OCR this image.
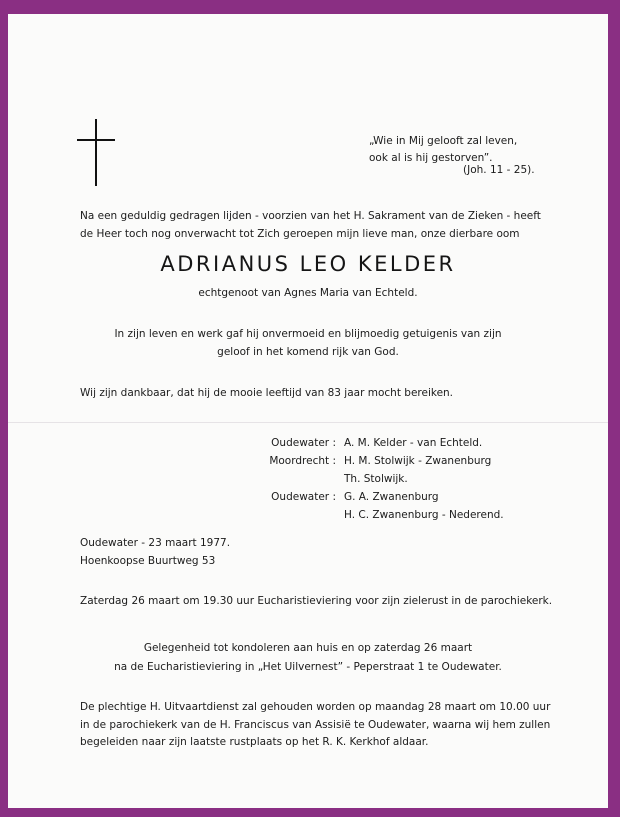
„Wie in Mij gelooft zal leven,
ook al is hij gestorven”.
(Joh. 11 - 25).
Na een geduldig gedragen lijden - voorzien van het H. Sakrament van de Zieken - heeft
de Heer toch nog onverwacht tot Zich geroepen mijn lieve man, onze dierbare oom
ADRIANUS LEO KELDER
echtgenoot van Agnes Maria van Echteld.
In zijn leven en werk gaf hij onvermoeid en blijmoedig getuigenis van zijn
geloof in het komend rijk van God.
Wij zijn dankbaar, dat hij de mooie leeftijd van 83 jaar mocht bereiken.
Oudewater :
Moordrecht :
Oudewater :
A. M. Kelder - van Echteld.
H. M. Stolwijk - Zwanenburg
Th. Stolwijk.
G. A. Zwanenburg
H. C. Zwanenburg - Nederend.
Oudewater - 23 maart 1977.
Hoenkoopse Buurtweg 53
Zaterdag 26 maart om 19.30 uur Eucharistieviering voor zijn zielerust in de parochiekerk.
Gelegenheid tot kondoleren aan huis en op zaterdag 26 maart
na de Eucharistieviering in „Het Uilvernest” - Peperstraat 1 te Oudewater.
De plechtige H. Uitvaartdienst zal gehouden worden op maandag 28 maart om 10.00 uur
in de parochiekerk van de H. Franciscus van Assisië te Oudewater, waarna wij hem zullen
begeleiden naar zijn laatste rustplaats op het R. K. Kerkhof aldaar.
